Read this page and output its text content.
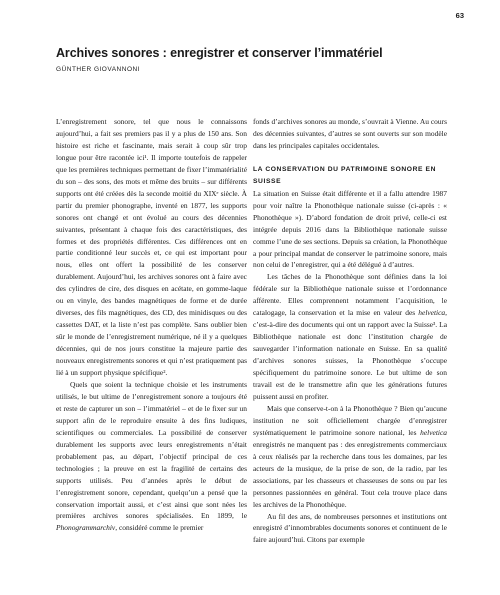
63
Archives sonores : enregistrer et conserver l’immatériel
GÜNTHER GIOVANNONI

L’enregistrement sonore, tel que nous le connaissons aujourd’hui, a fait ses premiers pas il y a plus de 150 ans. Son histoire est riche et fascinante, mais serait à coup sûr trop longue pour être racontée ici¹. Il importe toutefois de rappeler que les premières techniques permettant de fixer l’immatérialité du son – des sons, des mots et même des bruits – sur différents supports ont été créées dès la seconde moitié du XIXᵉ siècle. À partir du premier phonographe, inventé en 1877, les supports sonores ont changé et ont évolué au cours des décennies suivantes, présentant à chaque fois des caractéristiques, des formes et des propriétés différentes. Ces différences ont en partie conditionné leur succès et, ce qui est important pour nous, elles ont offert la possibilité de les conserver durablement. Aujourd’hui, les archives sonores ont à faire avec des cylindres de cire, des disques en acétate, en gomme-laque ou en vinyle, des bandes magnétiques de forme et de durée diverses, des fils magnétiques, des CD, des minidisques ou des cassettes DAT, et la liste n’est pas complète. Sans oublier bien sûr le monde de l’enregistrement numérique, né il y a quelques décennies, qui de nos jours constitue la majeure partie des nouveaux enregistrements sonores et qui n’est pratiquement pas lié à un support physique spécifique².

Quels que soient la technique choisie et les instruments utilisés, le but ultime de l’enregistrement sonore a toujours été et reste de capturer un son – l’immatériel – et de le fixer sur un support afin de le reproduire ensuite à des fins ludiques, scientifiques ou commerciales. La possibilité de conserver durablement les supports avec leurs enregistrements n’était probablement pas, au départ, l’objectif principal de ces technologies ; la preuve en est la fragilité de certains des supports utilisés. Peu d’années après le début de l’enregistrement sonore, cependant, quelqu’un a pensé que la conservation importait aussi, et c’est ainsi que sont nées les premières archives sonores spécialisées. En 1899, le Phonogrammarchiv, considéré comme le premier

fonds d’archives sonores au monde, s’ouvrait à Vienne. Au cours des décennies suivantes, d’autres se sont ouverts sur son modèle dans les principales capitales occidentales.

LA CONSERVATION DU PATRIMOINE SONORE EN SUISSE

La situation en Suisse était différente et il a fallu attendre 1987 pour voir naître la Phonothèque nationale suisse (ci-après : « Phonothèque »). D’abord fondation de droit privé, celle-ci est intégrée depuis 2016 dans la Bibliothèque nationale suisse comme l’une de ses sections. Depuis sa création, la Phonothèque a pour principal mandat de conserver le patrimoine sonore, mais non celui de l’enregistrer, qui a été délégué à d’autres.

Les tâches de la Phonothèque sont définies dans la loi fédérale sur la Bibliothèque nationale suisse et l’ordonnance afférente. Elles comprennent notamment l’acquisition, le catalogage, la conservation et la mise en valeur des helvetica, c’est-à-dire des documents qui ont un rapport avec la Suisse³. La Bibliothèque nationale est donc l’institution chargée de sauvegarder l’information nationale en Suisse. En sa qualité d’archives sonores suisses, la Phonothèque s’occupe spécifiquement du patrimoine sonore. Le but ultime de son travail est de le transmettre afin que les générations futures puissent aussi en profiter.

Mais que conserve-t-on à la Phonothèque ? Bien qu’aucune institution ne soit officiellement chargée d’enregistrer systématiquement le patrimoine sonore national, les helvetica enregistrés ne manquent pas : des enregistrements commerciaux à ceux réalisés par la recherche dans tous les domaines, par les acteurs de la musique, de la prise de son, de la radio, par les associations, par les chasseurs et chasseuses de sons ou par les personnes passionnées en général. Tout cela trouve place dans les archives de la Phonothèque.

Au fil des ans, de nombreuses personnes et institutions ont enregistré d’innombrables documents sonores et continuent de le faire aujourd’hui. Citons par exemple
